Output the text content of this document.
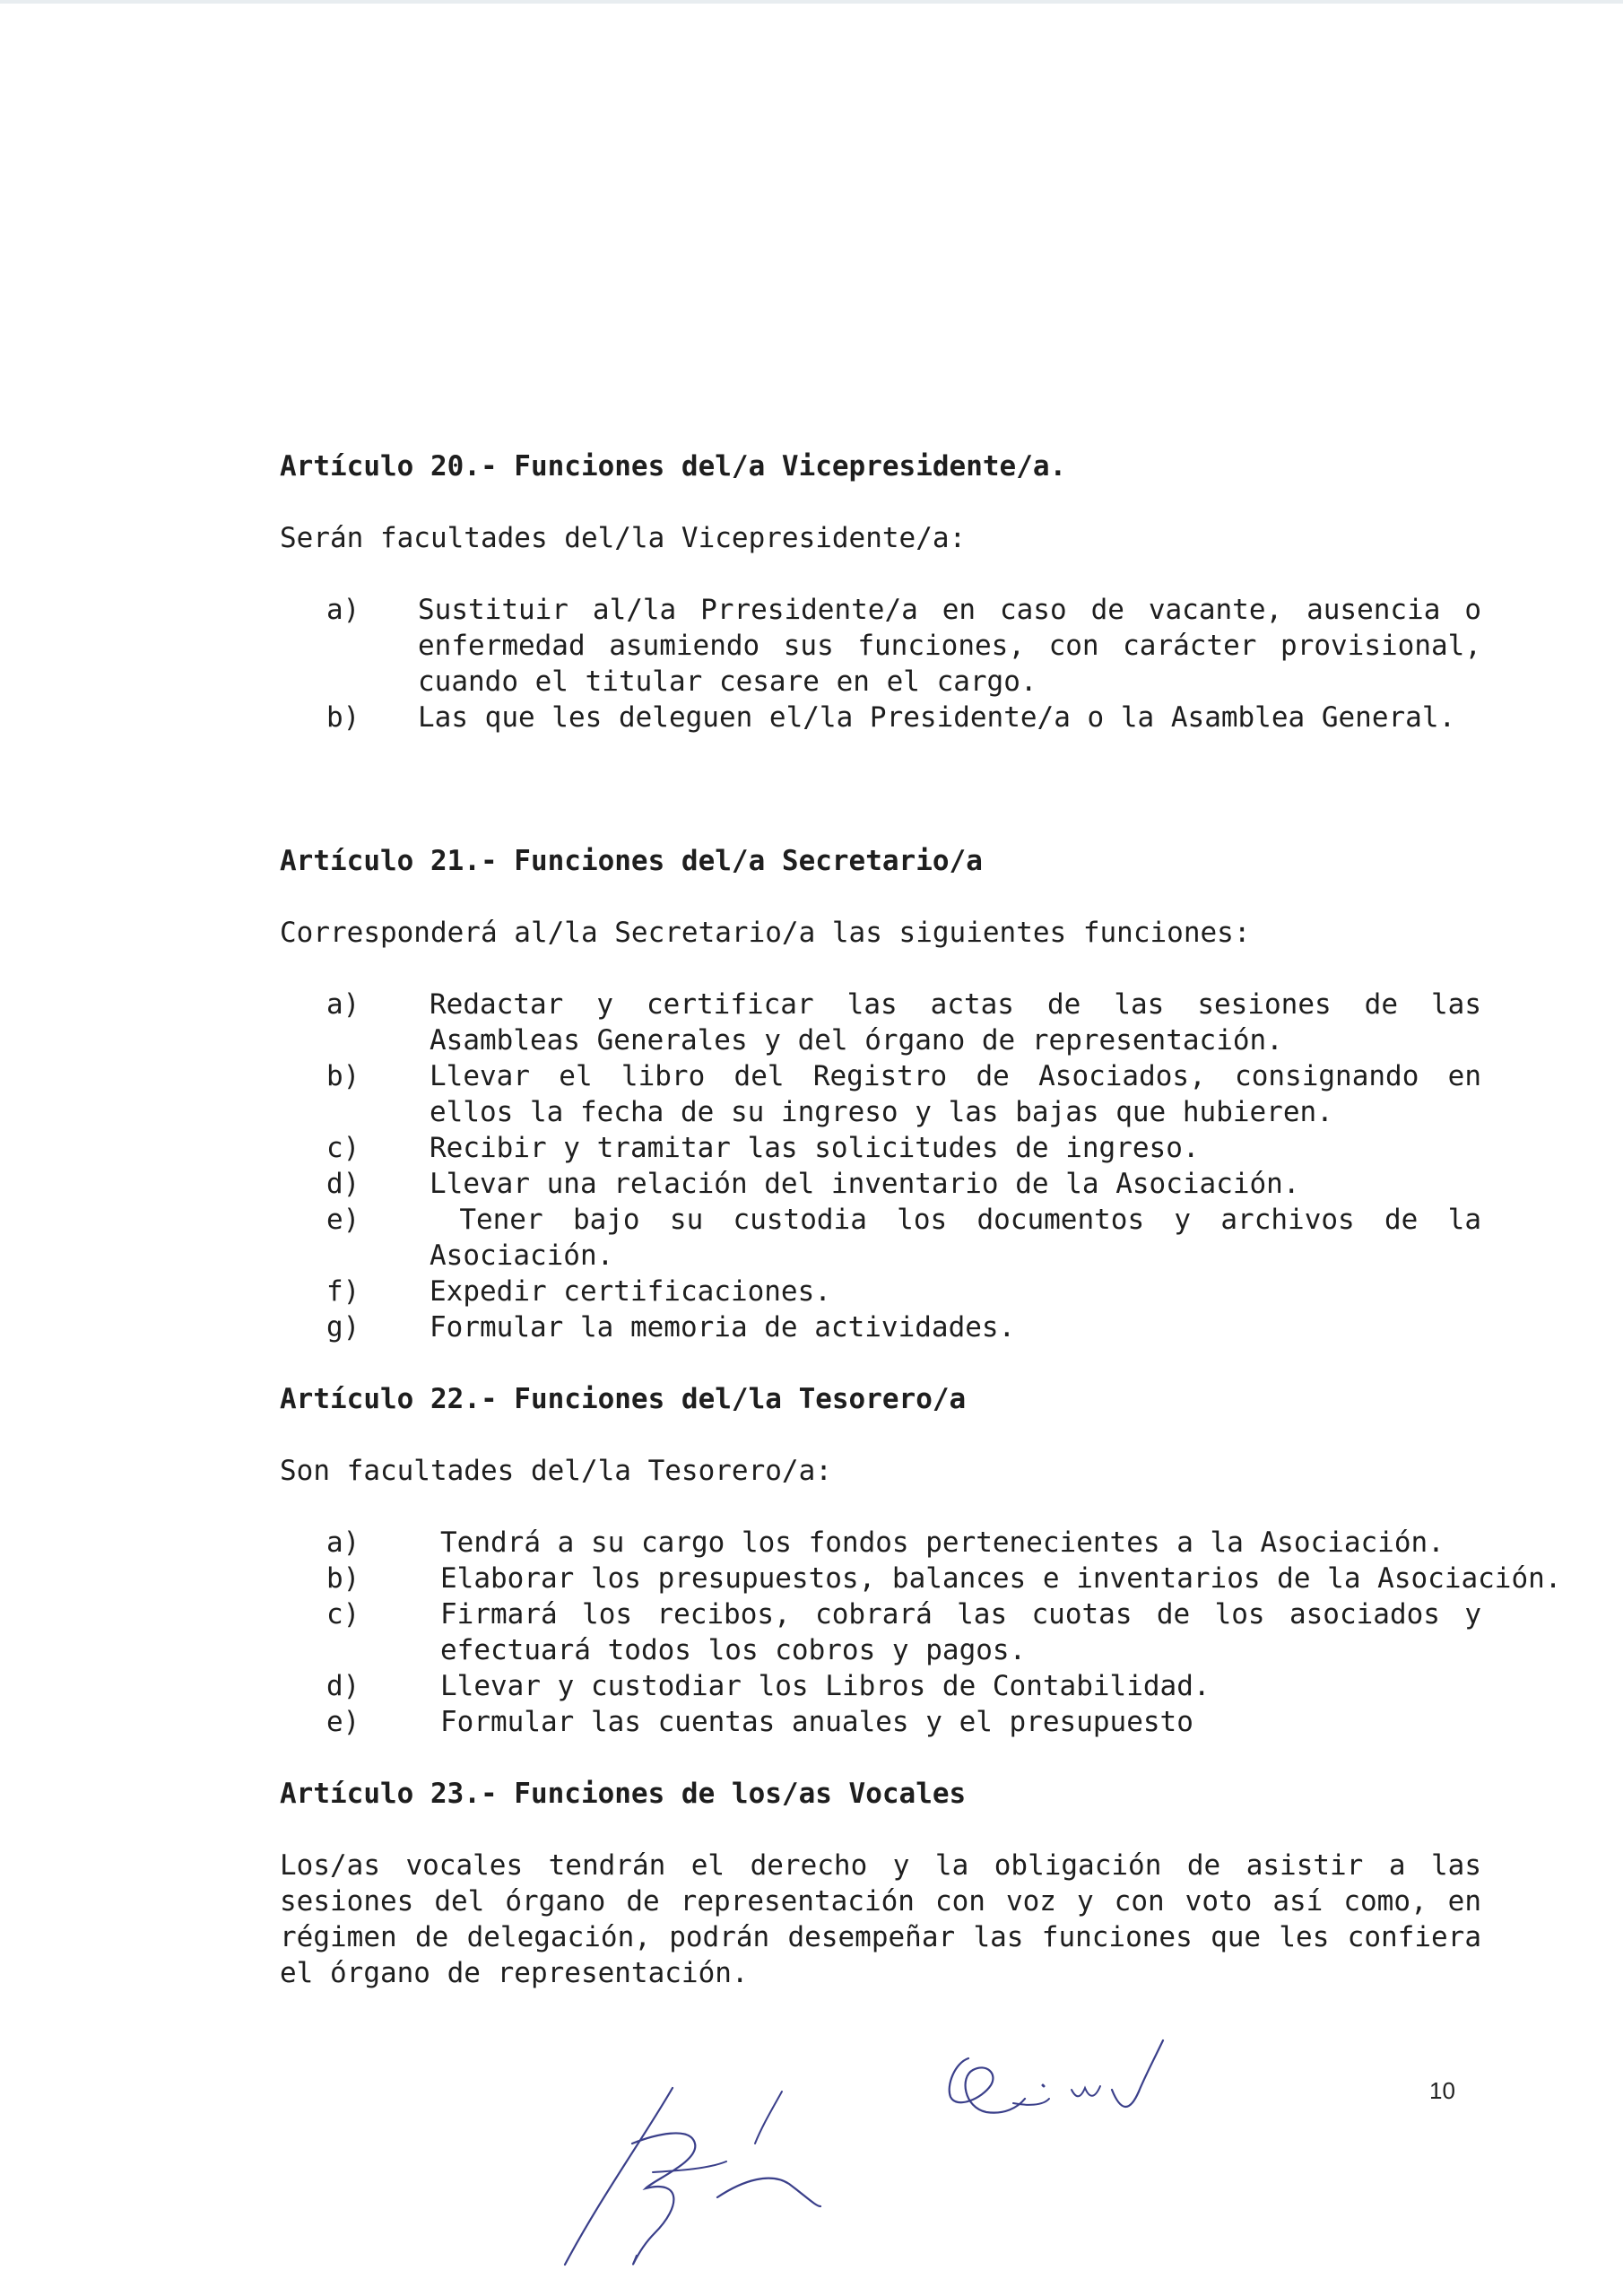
Artículo 20.- Funciones del/a Vicepresidente/a.

Serán facultades del/la Vicepresidente/a:

a)	Sustituir al/la Prresidente/a en caso de vacante, ausencia o enfermedad asumiendo sus funciones, con carácter provisional, cuando el titular cesare en el cargo.
b)	Las que les deleguen el/la Presidente/a o la Asamblea General.

Artículo 21.- Funciones del/a Secretario/a

Corresponderá al/la Secretario/a las siguientes funciones:

a)	Redactar y certificar las actas de las sesiones de las Asambleas Generales y del órgano de representación.
b)	Llevar el libro del Registro de Asociados, consignando en ellos la fecha de su ingreso y las bajas que hubieren.
c)	Recibir y tramitar las solicitudes de ingreso.
d)	Llevar una relación del inventario de la Asociación.
e)	Tener bajo su custodia los documentos y archivos de la Asociación.
f)	Expedir certificaciones.
g)	Formular la memoria de actividades.

Artículo 22.- Funciones del/la Tesorero/a

Son facultades del/la Tesorero/a:

a)	Tendrá a su cargo los fondos pertenecientes a la Asociación.
b)	Elaborar los presupuestos, balances e inventarios de la Asociación.
c)	Firmará los recibos, cobrará las cuotas de los asociados y efectuará todos los cobros y pagos.
d)	Llevar y custodiar los Libros de Contabilidad.
e)	Formular las cuentas anuales y el presupuesto

Artículo 23.- Funciones de los/as Vocales

Los/as vocales tendrán el derecho y la obligación de asistir a las sesiones del órgano de representación con voz y con voto así como, en régimen de delegación, podrán desempeñar las funciones que les confiera el órgano de representación.

10
